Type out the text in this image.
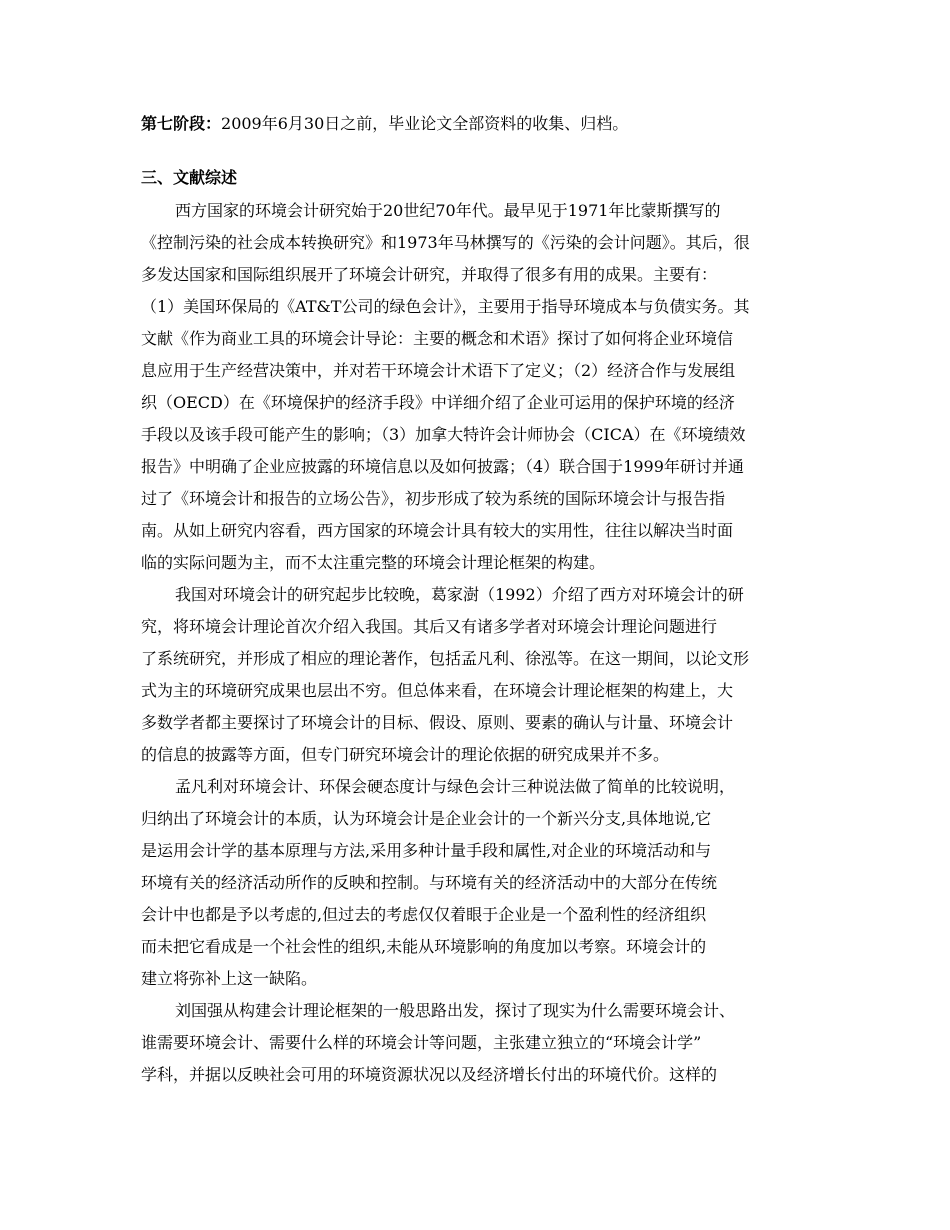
第七阶段：2009年6月30日之前，毕业论文全部资料的收集、归档。
三、文献综述
西方国家的环境会计研究始于20世纪70年代。最早见于1971年比蒙斯撰写的
《控制污染的社会成本转换研究》和1973年马林撰写的《污染的会计问题》。其后，很
多发达国家和国际组织展开了环境会计研究，并取得了很多有用的成果。主要有：
（1）美国环保局的《AT&T公司的绿色会计》，主要用于指导环境成本与负债实务。其
文献《作为商业工具的环境会计导论：主要的概念和术语》探讨了如何将企业环境信
息应用于生产经营决策中，并对若干环境会计术语下了定义；（2）经济合作与发展组
织（OECD）在《环境保护的经济手段》中详细介绍了企业可运用的保护环境的经济
手段以及该手段可能产生的影响；（3）加拿大特许会计师协会（CICA）在《环境绩效
报告》中明确了企业应披露的环境信息以及如何披露；（4）联合国于1999年研讨并通
过了《环境会计和报告的立场公告》，初步形成了较为系统的国际环境会计与报告指
南。从如上研究内容看，西方国家的环境会计具有较大的实用性，往往以解决当时面
临的实际问题为主，而不太注重完整的环境会计理论框架的构建。
我国对环境会计的研究起步比较晚，葛家澍（1992）介绍了西方对环境会计的研
究，将环境会计理论首次介绍入我国。其后又有诸多学者对环境会计理论问题进行
了系统研究，并形成了相应的理论著作，包括孟凡利、徐泓等。在这一期间，以论文形
式为主的环境研究成果也层出不穷。但总体来看，在环境会计理论框架的构建上，大
多数学者都主要探讨了环境会计的目标、假设、原则、要素的确认与计量、环境会计
的信息的披露等方面，但专门研究环境会计的理论依据的研究成果并不多。
孟凡利对环境会计、环保会硬态度计与绿色会计三种说法做了简单的比较说明，
归纳出了环境会计的本质，认为环境会计是企业会计的一个新兴分支,具体地说,它
是运用会计学的基本原理与方法,采用多种计量手段和属性,对企业的环境活动和与
环境有关的经济活动所作的反映和控制。与环境有关的经济活动中的大部分在传统
会计中也都是予以考虑的,但过去的考虑仅仅着眼于企业是一个盈利性的经济组织
而未把它看成是一个社会性的组织,未能从环境影响的角度加以考察。环境会计的
建立将弥补上这一缺陷。
刘国强从构建会计理论框架的一般思路出发，探讨了现实为什么需要环境会计、
谁需要环境会计、需要什么样的环境会计等问题，主张建立独立的“环境会计学”
学科，并据以反映社会可用的环境资源状况以及经济增长付出的环境代价。这样的
